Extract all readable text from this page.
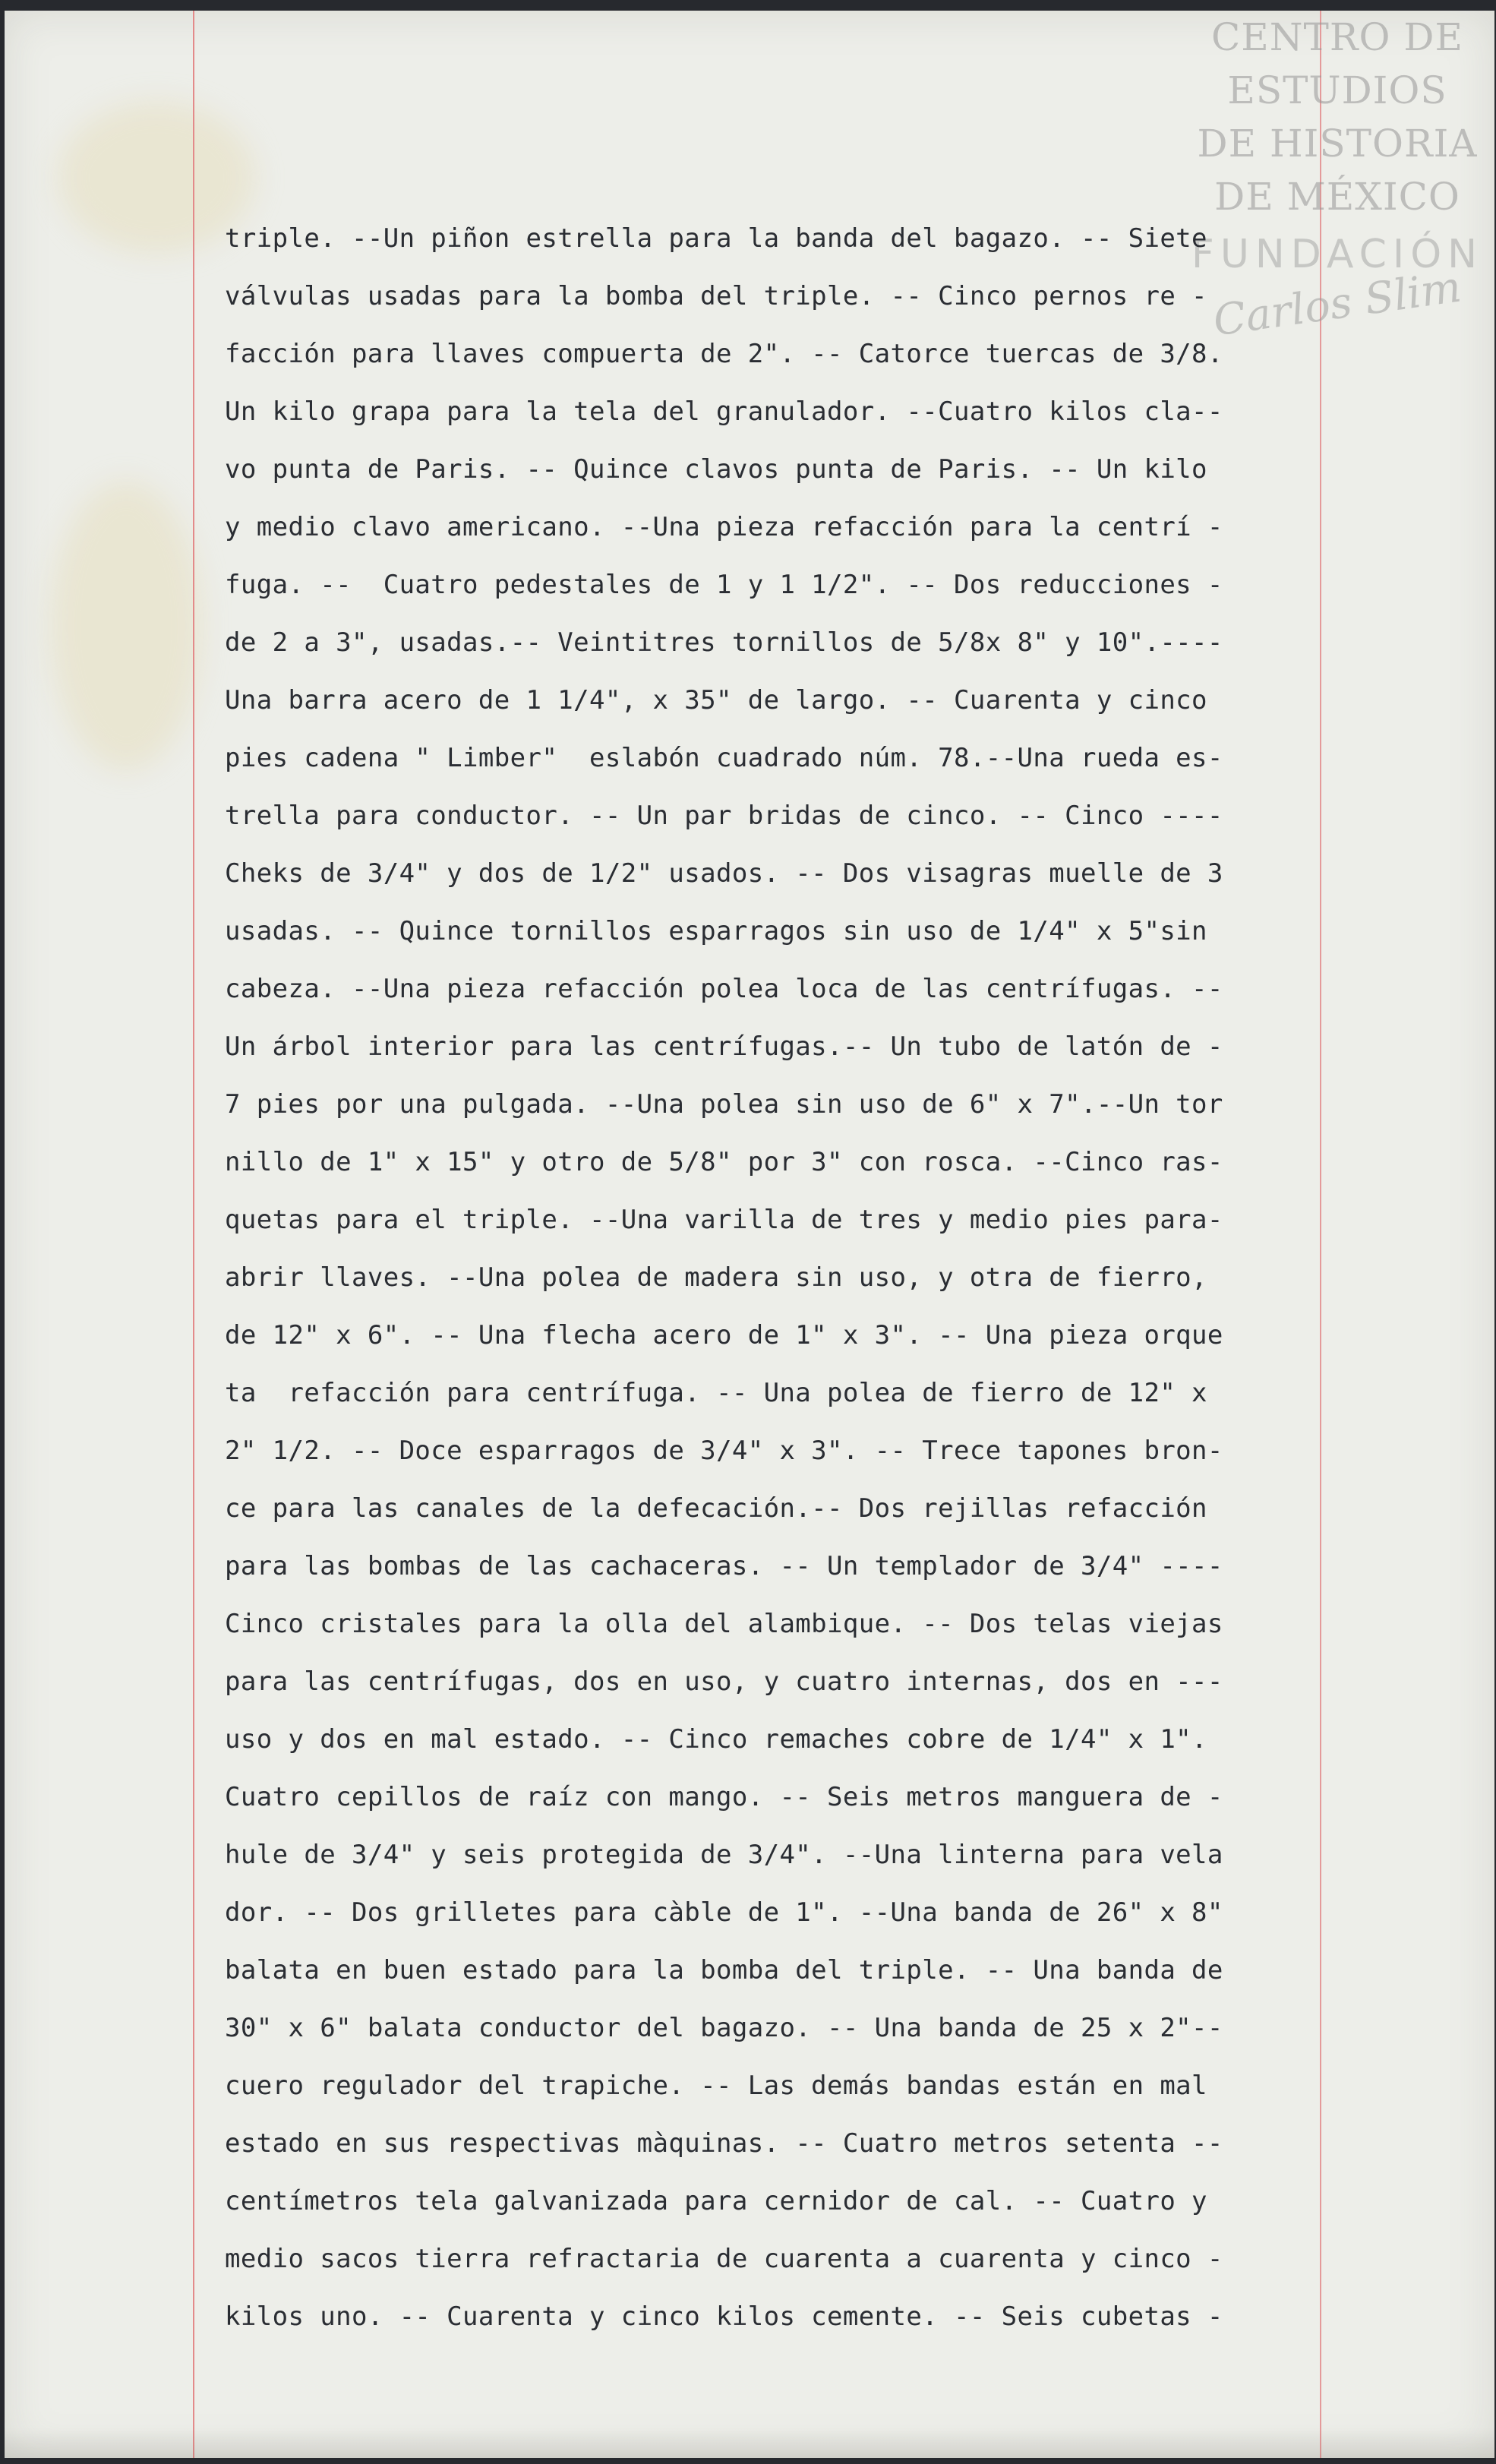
CENTRO DE
ESTUDIOS
DE HISTORIA
DE MÉXICO
FUNDACIÓN
Carlos Slim
triple. --Un piñon estrella para la banda del bagazo. -- Siete
válvulas usadas para la bomba del triple. -- Cinco pernos re -
facción para llaves compuerta de 2". -- Catorce tuercas de 3/8.
Un kilo grapa para la tela del granulador. --Cuatro kilos cla--
vo punta de Paris. -- Quince clavos punta de Paris. -- Un kilo
y medio clavo americano. --Una pieza refacción para la centrí -
fuga. --  Cuatro pedestales de 1 y 1 1/2". -- Dos reducciones -
de 2 a 3", usadas.-- Veintitres tornillos de 5/8x 8" y 10".----
Una barra acero de 1 1/4", x 35" de largo. -- Cuarenta y cinco
pies cadena " Limber"  eslabón cuadrado núm. 78.--Una rueda es-
trella para conductor. -- Un par bridas de cinco. -- Cinco ----
Cheks de 3/4" y dos de 1/2" usados. -- Dos visagras muelle de 3
usadas. -- Quince tornillos esparragos sin uso de 1/4" x 5"sin
cabeza. --Una pieza refacción polea loca de las centrífugas. --
Un árbol interior para las centrífugas.-- Un tubo de latón de -
7 pies por una pulgada. --Una polea sin uso de 6" x 7".--Un tor
nillo de 1" x 15" y otro de 5/8" por 3" con rosca. --Cinco ras-
quetas para el triple. --Una varilla de tres y medio pies para-
abrir llaves. --Una polea de madera sin uso, y otra de fierro,
de 12" x 6". -- Una flecha acero de 1" x 3". -- Una pieza orque
ta  refacción para centrífuga. -- Una polea de fierro de 12" x
2" 1/2. -- Doce esparragos de 3/4" x 3". -- Trece tapones bron-
ce para las canales de la defecación.-- Dos rejillas refacción
para las bombas de las cachaceras. -- Un templador de 3/4" ----
Cinco cristales para la olla del alambique. -- Dos telas viejas
para las centrífugas, dos en uso, y cuatro internas, dos en ---
uso y dos en mal estado. -- Cinco remaches cobre de 1/4" x 1".
Cuatro cepillos de raíz con mango. -- Seis metros manguera de -
hule de 3/4" y seis protegida de 3/4". --Una linterna para vela
dor. -- Dos grilletes para càble de 1". --Una banda de 26" x 8"
balata en buen estado para la bomba del triple. -- Una banda de
30" x 6" balata conductor del bagazo. -- Una banda de 25 x 2"--
cuero regulador del trapiche. -- Las demás bandas están en mal
estado en sus respectivas màquinas. -- Cuatro metros setenta --
centímetros tela galvanizada para cernidor de cal. -- Cuatro y
medio sacos tierra refractaria de cuarenta a cuarenta y cinco -
kilos uno. -- Cuarenta y cinco kilos cemente. -- Seis cubetas -
